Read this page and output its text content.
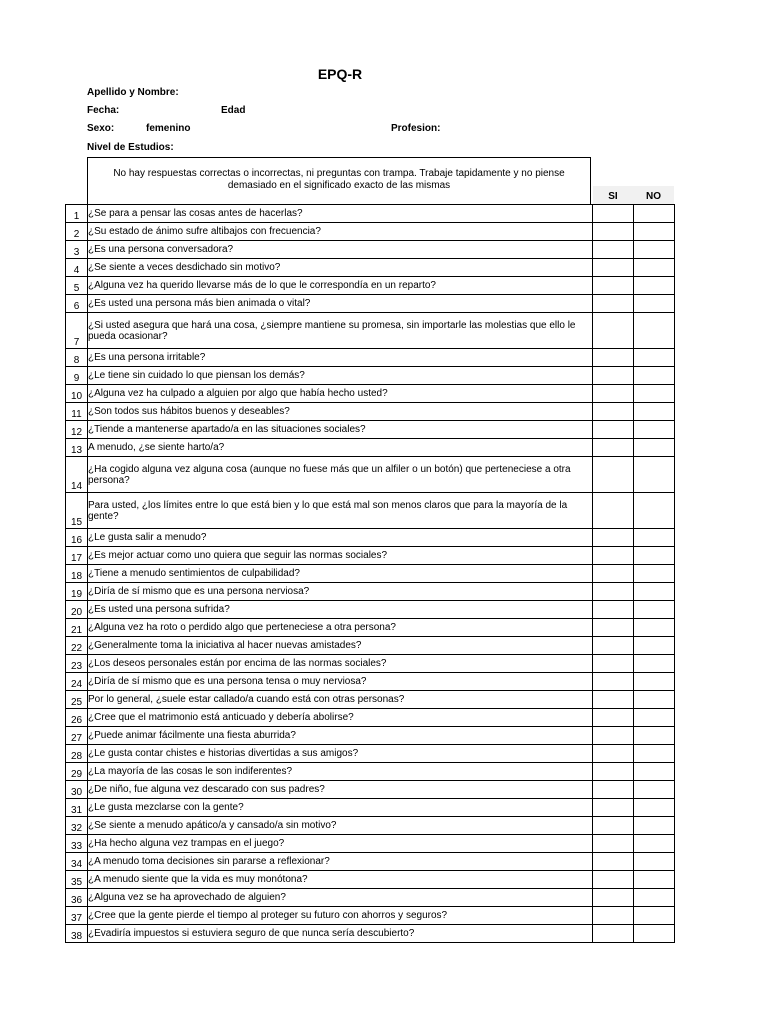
EPQ-R
Apellido y Nombre:
Fecha:	Edad
Sexo:	femenino	Profesion:
Nivel de Estudios:
No hay respuestas correctas o incorrectas, ni preguntas con trampa. Trabaje tapidamente y no piense demasiado en el significado exacto de las mismas
SI	NO
1	¿Se para a pensar las cosas antes de hacerlas?		
2	¿Su estado de ánimo sufre altibajos con frecuencia?		
3	¿Es una persona conversadora?		
4	¿Se siente a veces desdichado sin motivo?		
5	¿Alguna vez ha querido llevarse más de lo que le correspondía en un reparto?		
6	¿Es usted una persona más bien animada o vital?		
7	¿Si usted asegura que hará una cosa, ¿siempre mantiene su promesa, sin importarle las molestias que ello le pueda ocasionar?		
8	¿Es una persona irritable?		
9	¿Le tiene sin cuidado lo que piensan los demás?		
10	¿Alguna vez ha culpado a alguien por algo que había hecho usted?		
11	¿Son todos sus hábitos buenos y deseables?		
12	¿Tiende a mantenerse apartado/a en las situaciones sociales?		
13	A menudo, ¿se siente harto/a?		
14	¿Ha cogido alguna vez alguna cosa (aunque no fuese más que un alfiler o un botón) que perteneciese a otra persona?		
15	Para usted, ¿los límites entre lo que está bien y lo que está mal son menos claros que para la mayoría de la gente?		
16	¿Le gusta salir a menudo?		
17	¿Es mejor actuar como uno quiera que seguir las normas sociales?		
18	¿Tiene a menudo sentimientos de culpabilidad?		
19	¿Diría de sí mismo que es una persona nerviosa?		
20	¿Es usted una persona sufrida?		
21	¿Alguna vez ha roto o perdido algo que perteneciese a otra persona?		
22	¿Generalmente toma la iniciativa al hacer nuevas amistades?		
23	¿Los deseos personales están por encima de las normas sociales?		
24	¿Diría de sí mismo que es una persona tensa o muy nerviosa?		
25	Por lo general, ¿suele estar callado/a cuando está con otras personas?		
26	¿Cree que el matrimonio está anticuado y debería abolirse?		
27	¿Puede animar fácilmente una fiesta aburrida?		
28	¿Le gusta contar chistes e historias divertidas a sus amigos?		
29	¿La mayoría de las cosas le son indiferentes?		
30	¿De niño, fue alguna vez descarado con sus padres?		
31	¿Le gusta mezclarse con la gente?		
32	¿Se siente a menudo apático/a y cansado/a sin motivo?		
33	¿Ha hecho alguna vez trampas en el juego?		
34	¿A menudo toma decisiones sin pararse a reflexionar?		
35	¿A menudo siente que la vida es muy monótona?		
36	¿Alguna vez se ha aprovechado de alguien?		
37	¿Cree que la gente pierde el tiempo al proteger su futuro con ahorros y seguros?		
38	¿Evadiría impuestos si estuviera seguro de que nunca sería descubierto?		
